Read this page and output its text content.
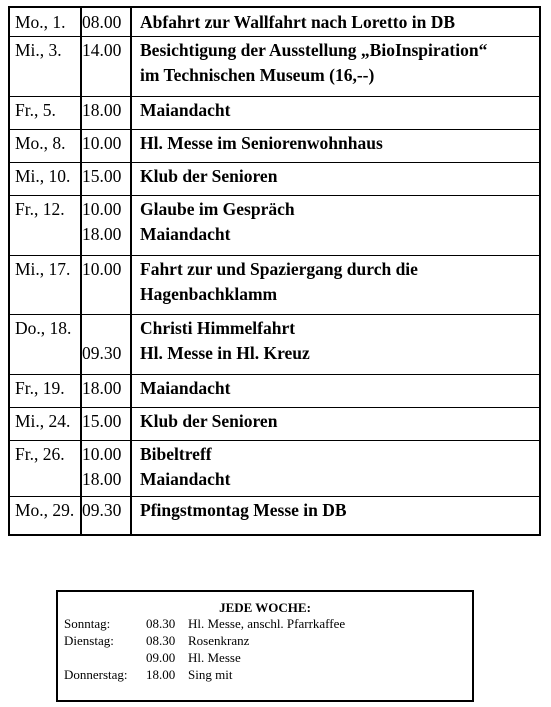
Mo., 1. 08.00 Abfahrt zur Wallfahrt nach Loretto in DB
Mi., 3. 14.00 Besichtigung der Ausstellung „BioInspiration“
im Technischen Museum (16,--)
Fr., 5. 18.00 Maiandacht
Mo., 8. 10.00 Hl. Messe im Seniorenwohnhaus
Mi., 10. 15.00 Klub der Senioren
Fr., 12. 10.00 Glaube im Gespräch
18.00 Maiandacht
Mi., 17. 10.00 Fahrt zur und Spaziergang durch die
Hagenbachklamm
Do., 18.	Christi Himmelfahrt
09.30 Hl. Messe in Hl. Kreuz
Fr., 19. 18.00 Maiandacht
Mi., 24. 15.00 Klub der Senioren
Fr., 26. 10.00 Bibeltreff
18.00 Maiandacht
Mo., 29. 09.30 Pfingstmontag Messe in DB
JEDE WOCHE:
Sonntag:	08.30 Hl. Messe, anschl. Pfarrkaffee
Dienstag: 08.30 Rosenkranz
09.00 Hl. Messe
Donnerstag: 18.00 Sing mit
